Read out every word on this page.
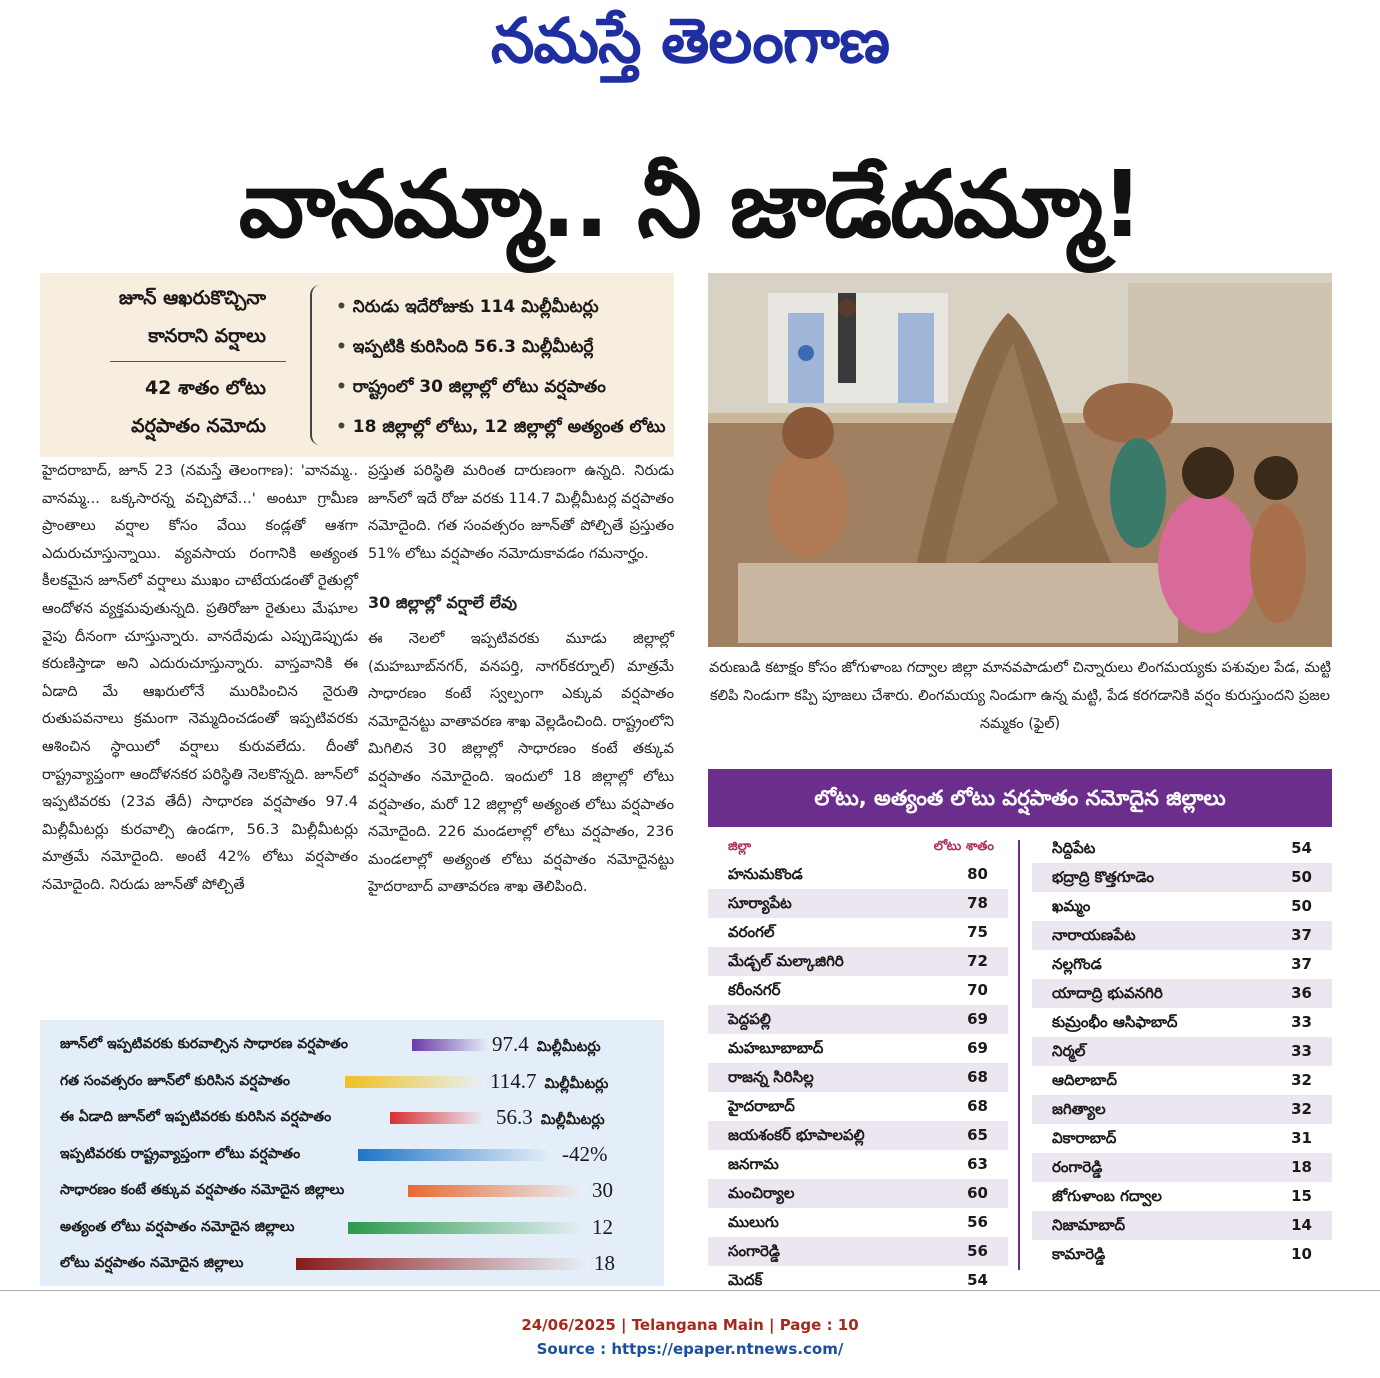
నమస్తే తెలంగాణ
వానమ్మా.. నీ జాడేదమ్మా!
జూన్ ఆఖరుకొచ్చినా
కానరాని వర్షాలు
42 శాతం లోటు
వర్షపాతం నమోదు
• నిరుడు ఇదేరోజుకు 114 మిల్లీమీటర్లు
• ఇప్పటికి కురిసింది 56.3 మిల్లీమీటర్లే
• రాష్ట్రంలో 30 జిల్లాల్లో లోటు వర్షపాతం
• 18 జిల్లాల్లో లోటు, 12 జిల్లాల్లో అత్యంత లోటు

హైదరాబాద్, జూన్ 23 (నమస్తే తెలంగాణ): 'వానమ్మ.. వానమ్మ... ఒక్కసారన్న వచ్చిపోవే...' అంటూ గ్రామీణ ప్రాంతాలు వర్షాల కోసం వేయి కండ్లతో ఆశగా ఎదురుచూస్తున్నాయి. వ్యవసాయ రంగానికి అత్యంత కీలకమైన జూన్‌లో వర్షాలు ముఖం చాటేయడంతో రైతుల్లో ఆందోళన వ్యక్తమవుతున్నది. ప్రతిరోజూ రైతులు మేఘాల వైపు దీనంగా చూస్తున్నారు. వానదేవుడు ఎప్పుడెప్పుడు కరుణిస్తాడా అని ఎదురుచూస్తున్నారు. వాస్తవానికి ఈ ఏడాది మే ఆఖరులోనే మురిపించిన నైరుతి రుతుపవనాలు క్రమంగా నెమ్మదించడంతో ఇప్పటివరకు ఆశించిన స్థాయిలో వర్షాలు కురువలేదు. దీంతో రాష్ట్రవ్యాప్తంగా ఆందోళనకర పరిస్థితి నెలకొన్నది. జూన్‌లో ఇప్పటివరకు (23వ తేదీ) సాధారణ వర్షపాతం 97.4 మిల్లీమీటర్లు కురవాల్సి ఉండగా, 56.3 మిల్లీమీటర్లు మాత్రమే నమోదైంది. అంటే 42% లోటు వర్షపాతం నమోదైంది. నిరుడు జూన్‌తో పోల్చితే

ప్రస్తుత పరిస్థితి మరింత దారుణంగా ఉన్నది. నిరుడు జూన్‌లో ఇదే రోజు వరకు 114.7 మిల్లీమీటర్ల వర్షపాతం నమోదైంది. గత సంవత్సరం జూన్‌తో పోల్చితే ప్రస్తుతం 51% లోటు వర్షపాతం నమోదుకావడం గమనార్హం.

30 జిల్లాల్లో వర్షాలే లేవు

ఈ నెలలో ఇప్పటివరకు మూడు జిల్లాల్లో (మహబూబ్‌నగర్, వనపర్తి, నాగర్‌కర్నూల్) మాత్రమే సాధారణం కంటే స్వల్పంగా ఎక్కువ వర్షపాతం నమోదైనట్టు వాతావరణ శాఖ వెల్లడించింది. రాష్ట్రంలోని మిగిలిన 30 జిల్లాల్లో సాధారణం కంటే తక్కువ వర్షపాతం నమోదైంది. ఇందులో 18 జిల్లాల్లో లోటు వర్షపాతం, మరో 12 జిల్లాల్లో అత్యంత లోటు వర్షపాతం నమోదైంది. 226 మండలాల్లో లోటు వర్షపాతం, 236 మండలాల్లో అత్యంత లోటు వర్షపాతం నమోదైనట్టు హైదరాబాద్ వాతావరణ శాఖ తెలిపింది.

వరుణుడి కటాక్షం కోసం జోగుళాంబ గద్వాల జిల్లా మానవపాడులో చిన్నారులు లింగమయ్యకు పశువుల పేడ, మట్టి కలిపి నిండుగా కప్పి పూజలు చేశారు. లింగమయ్య నిండుగా ఉన్న మట్టి, పేడ కరగడానికి వర్షం కురుస్తుందని ప్రజల నమ్మకం (ఫైల్)
లోటు, అత్యంత లోటు వర్షపాతం నమోదైన జిల్లాలు
జిల్లా	లోటు శాతం
హనుమకొండ	80
సూర్యాపేట	78
వరంగల్	75
మేడ్చల్ మల్కాజిగిరి	72
కరీంనగర్	70
పెద్దపల్లి	69
మహబూబాబాద్	69
రాజన్న సిరిసిల్ల	68
హైదరాబాద్	68
జయశంకర్ భూపాలపల్లి	65
జనగామ	63
మంచిర్యాల	60
ములుగు	56
సంగారెడ్డి	56
మెదక్	54
సిద్దిపేట	54
భద్రాద్రి కొత్తగూడెం	50
ఖమ్మం	50
నారాయణపేట	37
నల్లగొండ	37
యాదాద్రి భువనగిరి	36
కుమ్రంభీం ఆసిఫాబాద్	33
నిర్మల్	33
ఆదిలాబాద్	32
జగిత్యాల	32
వికారాబాద్	31
రంగారెడ్డి	18
జోగుళాంబ గద్వాల	15
నిజామాబాద్	14
కామారెడ్డి	10
జూన్‌లో ఇప్పటివరకు కురవాల్సిన సాధారణ వర్షపాతం	97.4 మిల్లీమీటర్లు
గత సంవత్సరం జూన్‌లో కురిసిన వర్షపాతం	114.7 మిల్లీమీటర్లు
ఈ ఏడాది జూన్‌లో ఇప్పటివరకు కురిసిన వర్షపాతం	56.3 మిల్లీమీటర్లు
ఇప్పటివరకు రాష్ట్రవ్యాప్తంగా లోటు వర్షపాతం	-42%
సాధారణం కంటే తక్కువ వర్షపాతం నమోదైన జిల్లాలు	30
అత్యంత లోటు వర్షపాతం నమోదైన జిల్లాలు	12
లోటు వర్షపాతం నమోదైన జిల్లాలు	18
24/06/2025 | Telangana Main | Page : 10
Source : https://epaper.ntnews.com/
